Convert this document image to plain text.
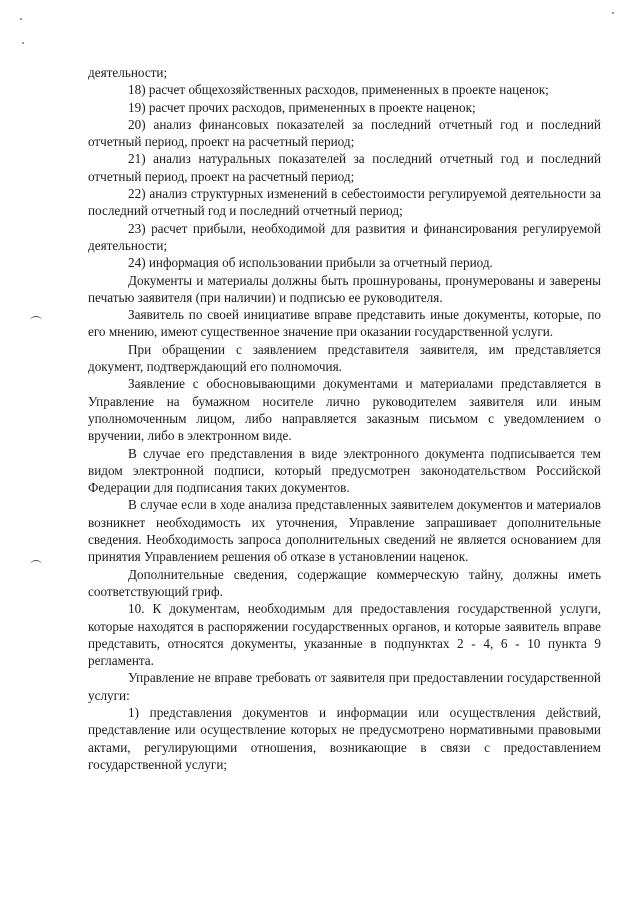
деятельности;

18) расчет общехозяйственных расходов, примененных в проекте наценок;

19) расчет прочих расходов, примененных в проекте наценок;

20) анализ финансовых показателей за последний отчетный год и последний отчетный период, проект на расчетный период;

21) анализ натуральных показателей за последний отчетный год и последний отчетный период, проект на расчетный период;

22) анализ структурных изменений в себестоимости регулируемой деятельности за последний отчетный год и последний отчетный период;

23) расчет прибыли, необходимой для развития и финансирования регулируемой деятельности;

24) информация об использовании прибыли за отчетный период.

Документы и материалы должны быть прошнурованы, пронумерованы и заверены печатью заявителя (при наличии) и подписью ее руководителя.

Заявитель по своей инициативе вправе представить иные документы, которые, по его мнению, имеют существенное значение при оказании государственной услуги.

При обращении с заявлением представителя заявителя, им представляется документ, подтверждающий его полномочия.

Заявление с обосновывающими документами и материалами представляется в Управление на бумажном носителе лично руководителем заявителя или иным уполномоченным лицом, либо направляется заказным письмом с уведомлением о вручении, либо в электронном виде.

В случае его представления в виде электронного документа подписывается тем видом электронной подписи, который предусмотрен законодательством Российской Федерации для подписания таких документов.

В случае если в ходе анализа представленных заявителем документов и материалов возникнет необходимость их уточнения, Управление запрашивает дополнительные сведения. Необходимость запроса дополнительных сведений не является основанием для принятия Управлением решения об отказе в установлении наценок.

Дополнительные сведения, содержащие коммерческую тайну, должны иметь соответствующий гриф.

10. К документам, необходимым для предоставления государственной услуги, которые находятся в распоряжении государственных органов, и которые заявитель вправе представить, относятся документы, указанные в подпунктах 2 - 4, 6 - 10 пункта 9 регламента.

Управление не вправе требовать от заявителя при предоставлении государственной услуги:

1) представления документов и информации или осуществления действий, представление или осуществление которых не предусмотрено нормативными правовыми актами, регулирующими отношения, возникающие в связи с предоставлением государственной услуги;
